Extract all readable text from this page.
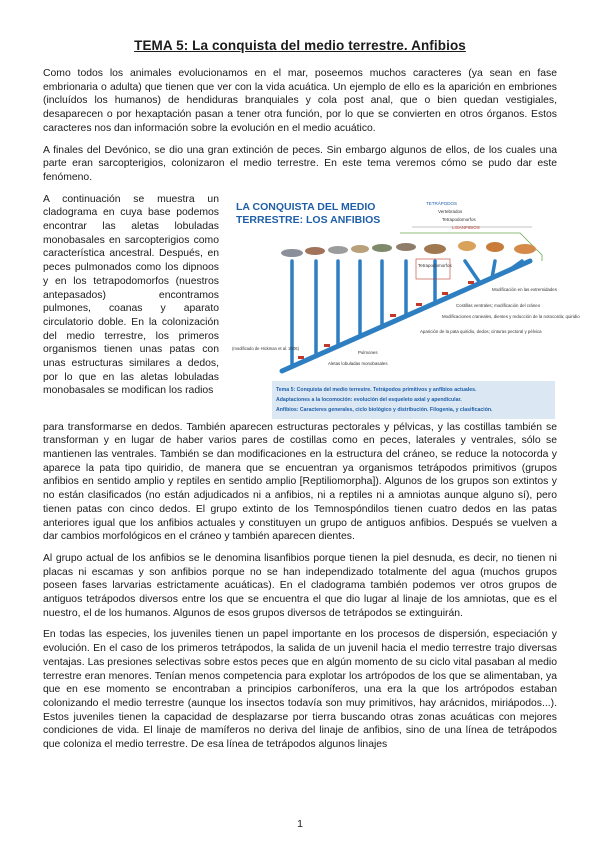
TEMA 5: La conquista del medio terrestre. Anfibios

Como todos los animales evolucionamos en el mar, poseemos muchos caracteres (ya sean en fase embrionaria o adulta) que tienen que ver con la vida acuática. Un ejemplo de ello es la aparición en embriones (incluídos los humanos) de hendiduras branquiales y cola post anal, que o bien quedan vestigiales, desaparecen o por hexaptación pasan a tener otra función, por lo que se convierten en otros órganos. Estos caracteres nos dan información sobre la evolución en el medio acuático.

A finales del Devónico, se dio una gran extinción de peces. Sin embargo algunos de ellos, de los cuales una parte eran sarcopterigios, colonizaron el medio terrestre. En este tema veremos cómo se pudo dar este fenómeno.

A continuación se muestra un cladograma en cuya base podemos encontrar las aletas lobuladas monobasales en sarcopterigios como característica ancestral. Después, en peces pulmonados como los dipnoos y en los tetrapodomorfos (nuestros antepasados) encontramos pulmones, coanas y aparato circulatorio doble. En la colonización del medio terrestre, los primeros organismos tienen unas patas con unas estructuras similares a dedos, por lo que en las aletas lobuladas monobasales se modifican los radios

LA CONQUISTA DEL MEDIO
TERRESTRE: LOS ANFIBIOS
TETRÁPODOS
Vertebrados
Tetrapodomorfos
LISANFIBIOS
Tetrapodomorfos
Modificación en las extremidades
Costillas ventrales; modificación del cráneo
Modificaciones craneales, dientes y reducción de la notocorda; quiridio
Aparición de la pata quiridio, dedos; cinturas pectoral y pélvica
Pulmones
Aletas lobuladas monobasales
(modificado de Hickman et al. 2006)
Tema 5: Conquista del medio terrestre. Tetrápodos primitivos y anfibios actuales.
Adaptaciones a la locomoción: evolución del esqueleto axial y apendicular.
Anfibios: Caracteres generales, ciclo biológico y distribución. Filogenia, y clasificación.

para transformarse en dedos. También aparecen estructuras pectorales y pélvicas, y las costillas también se transforman y en lugar de haber varios pares de costillas como en peces, laterales y ventrales, sólo se mantienen las ventrales. También se dan modificaciones en la estructura del cráneo, se reduce la notocorda y aparece la pata tipo quiridio, de manera que se encuentran ya organismos tetrápodos primitivos (grupos anfibios en sentido amplio y reptiles en sentido amplio [Reptiliomorpha]). Algunos de los grupos son extintos y no están clasificados (no están adjudicados ni a anfibios, ni a reptiles ni a amniotas aunque alguno sí), pero tienen patas con cinco dedos. El grupo extinto de los Temnospóndilos tienen cuatro dedos en las patas anteriores igual que los anfibios actuales y constituyen un grupo de antiguos anfibios. Después se vuelven a dar cambios morfológicos en el cráneo y también aparecen dientes.

Al grupo actual de los anfibios se le denomina lisanfibios porque tienen la piel desnuda, es decir, no tienen ni placas ni escamas y son anfibios porque no se han independizado totalmente del agua (muchos grupos poseen fases larvarias estrictamente acuáticas). En el cladograma también podemos ver otros grupos de antiguos tetrápodos diversos entre los que se encuentra el que dio lugar al linaje de los amniotas, que es el nuestro, el de los humanos. Algunos de esos grupos diversos de tetrápodos se extinguirán.

En todas las especies, los juveniles tienen un papel importante en los procesos de dispersión, especiación y evolución. En el caso de los primeros tetrápodos, la salida de un juvenil hacia el medio terrestre trajo diversas ventajas. Las presiones selectivas sobre estos peces que en algún momento de su ciclo vital pasaban al medio terrestre eran menores. Tenían menos competencia para explotar los artrópodos de los que se alimentaban, ya que en ese momento se encontraban a principios carboníferos, una era la que los artrópodos estaban colonizando el medio terrestre (aunque los insectos todavía son muy primitivos, hay arácnidos, miriápodos...). Estos juveniles tienen la capacidad de desplazarse por tierra buscando otras zonas acuáticas con mejores condiciones de vida. El linaje de mamíferos no deriva del linaje de anfibios, sino de una línea de tetrápodos que coloniza el medio terrestre. De esa línea de tetrápodos algunos linajes

1
